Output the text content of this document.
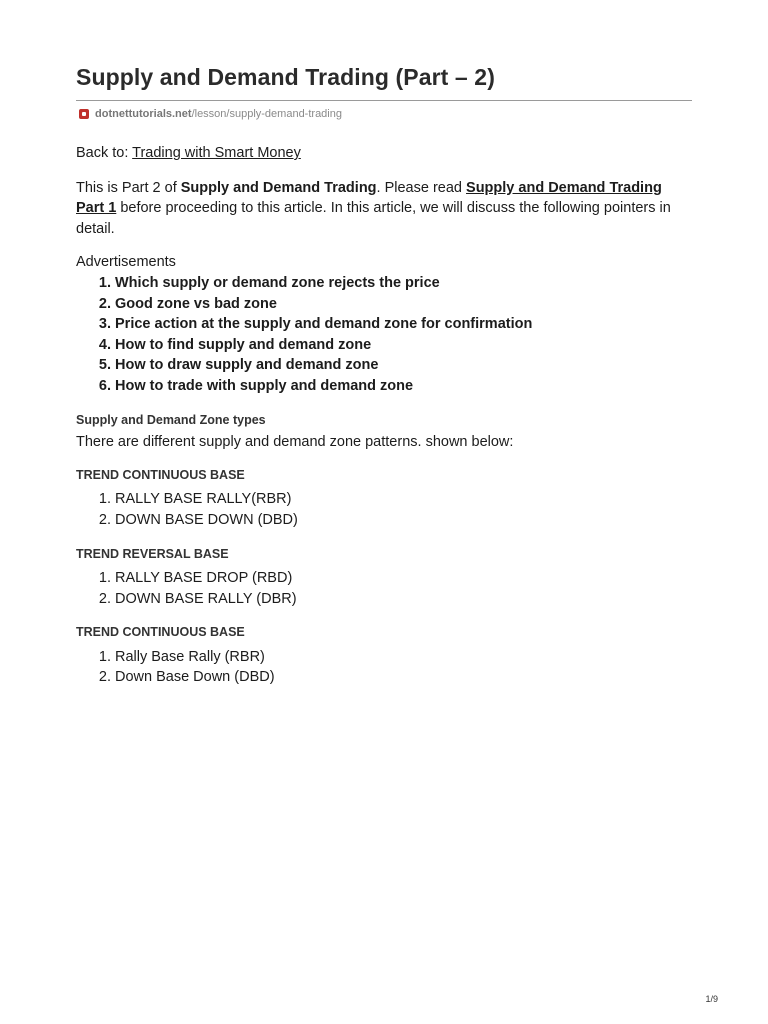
Supply and Demand Trading (Part – 2)
dotnettutorials.net /lesson/supply-demand-trading

Back to: Trading with Smart Money

This is Part 2 of Supply and Demand Trading. Please read Supply and Demand Trading Part 1 before proceeding to this article. In this article, we will discuss the following pointers in detail.

Advertisements

1. Which supply or demand zone rejects the price
2. Good zone vs bad zone
3. Price action at the supply and demand zone for confirmation
4. How to find supply and demand zone
5. How to draw supply and demand zone
6. How to trade with supply and demand zone
Supply and Demand Zone types

There are different supply and demand zone patterns. shown below:

TREND CONTINUOUS BASE
1. RALLY BASE RALLY(RBR)
2. DOWN BASE DOWN (DBD)
TREND REVERSAL BASE
1. RALLY BASE DROP (RBD)
2. DOWN BASE RALLY (DBR)
TREND CONTINUOUS BASE
1. Rally Base Rally (RBR)
2. Down Base Down (DBD)
1/9
